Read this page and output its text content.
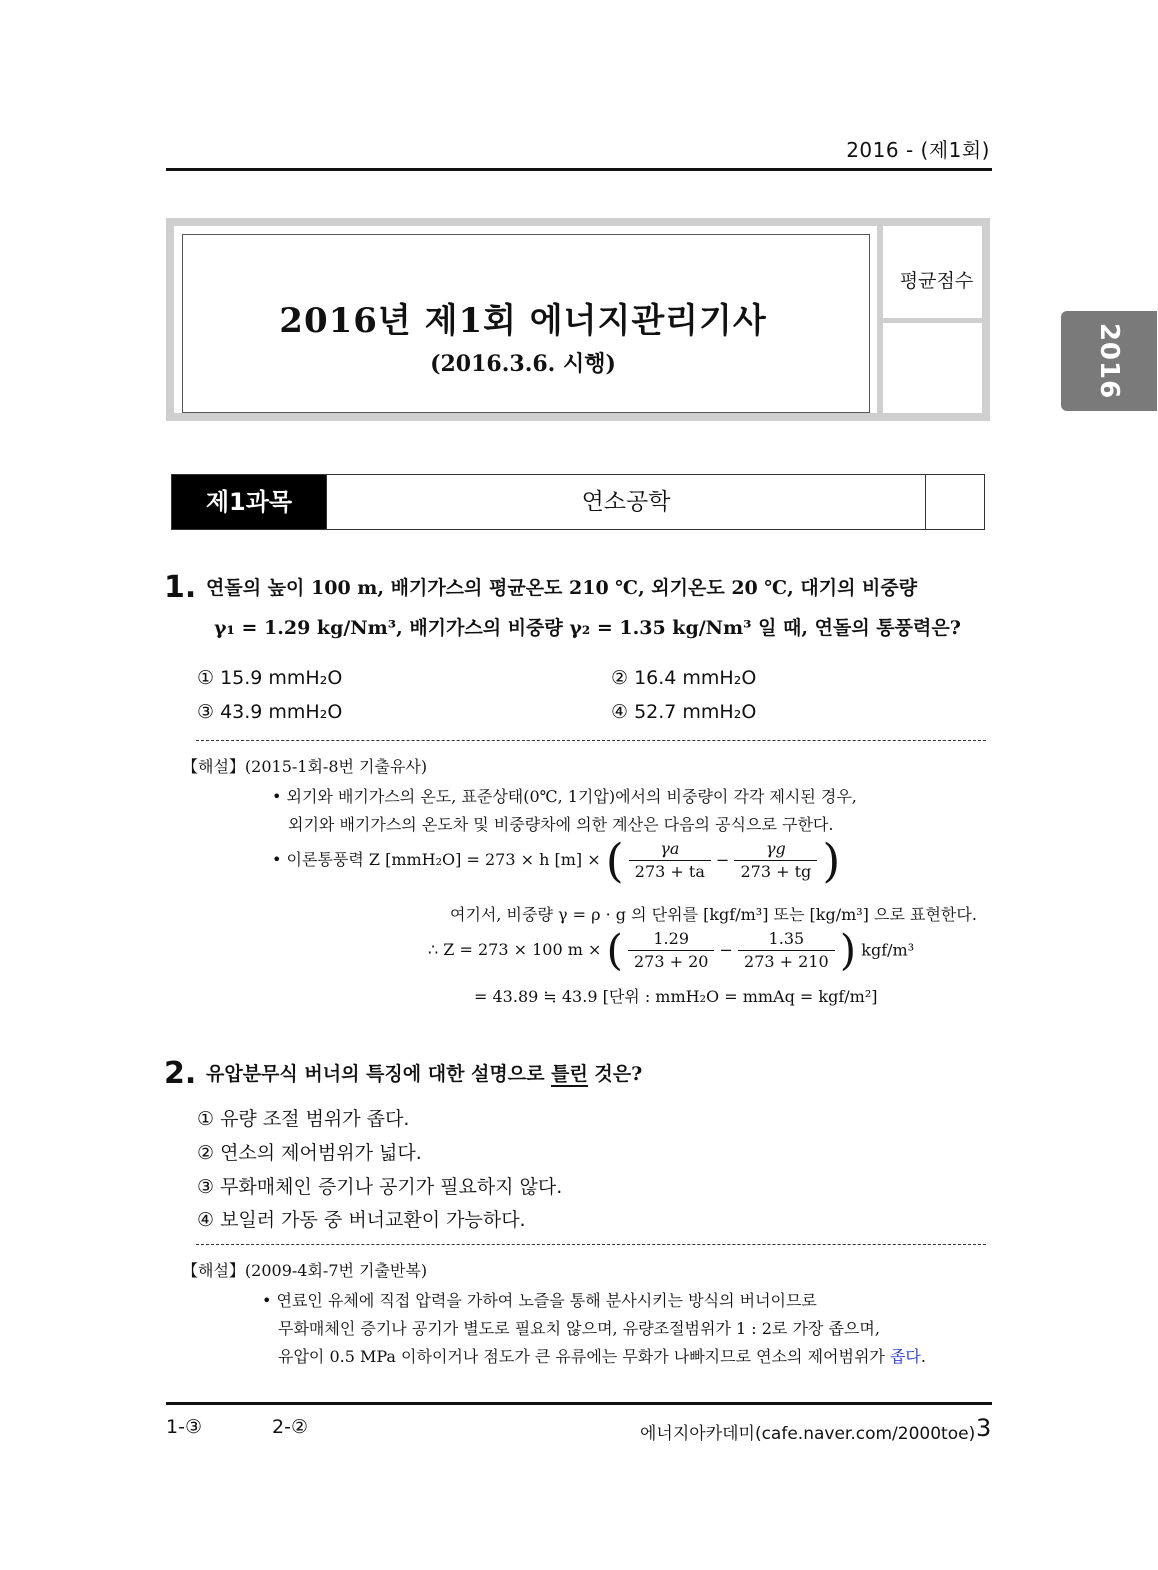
2016 - (제1회)
2016
2016년 제1회 에너지관리기사
(2016.3.6. 시행)
평균점수
제1과목	연소공학
1. 연돌의 높이 100 m, 배기가스의 평균온도 210 ℃, 외기온도 20 ℃, 대기의 비중량
γ₁ = 1.29 kg/Nm³, 배기가스의 비중량 γ₂ = 1.35 kg/Nm³ 일 때, 연돌의 통풍력은?
① 15.9 mmH₂O	② 16.4 mmH₂O
③ 43.9 mmH₂O	④ 52.7 mmH₂O
【해설】(2015-1회-8번 기출유사)
• 외기와 배기가스의 온도, 표준상태(0℃, 1기압)에서의 비중량이 각각 제시된 경우,
외기와 배기가스의 온도차 및 비중량차에 의한 계산은 다음의 공식으로 구한다.
• 이론통풍력 Z [mmH₂O] = 273 × h [m] × ( $\frac{\gamma a}{273 + ta} - \frac{\gamma g}{273 + tg}$ )
여기서, 비중량 γ = ρ · g 의 단위를 [kgf/m³] 또는 [kg/m³] 으로 표현한다.
∴ Z = 273 × 100 m × ( $\frac{1.29}{273 + 20} - \frac{1.35}{273 + 210}$ ) kgf/m³
= 43.89 ≒ 43.9 [단위 : mmH₂O = mmAq = kgf/m²]
2. 유압분무식 버너의 특징에 대한 설명으로 틀린 것은?
① 유량 조절 범위가 좁다.
② 연소의 제어범위가 넓다.
③ 무화매체인 증기나 공기가 필요하지 않다.
④ 보일러 가동 중 버너교환이 가능하다.
【해설】(2009-4회-7번 기출반복)
• 연료인 유체에 직접 압력을 가하여 노즐을 통해 분사시키는 방식의 버너이므로
무화매체인 증기나 공기가 별도로 필요치 않으며, 유량조절범위가 1 : 2로 가장 좁으며,
유압이 0.5 MPa 이하이거나 점도가 큰 유류에는 무화가 나빠지므로 연소의 제어범위가 좁다.
1-③	2-②	에너지아카데미(cafe.naver.com/2000toe) 3
